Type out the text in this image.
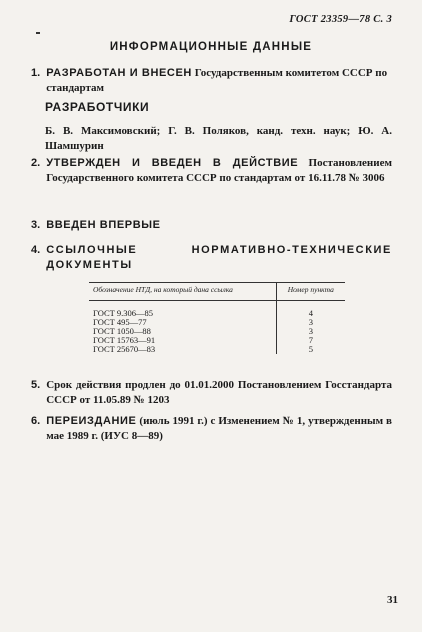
ГОСТ 23359—78 С. 3
ИНФОРМАЦИОННЫЕ ДАННЫЕ
1. РАЗРАБОТАН И ВНЕСЕН Государственным комитетом СССР по стандартам
РАЗРАБОТЧИКИ
Б. В. Максимовский; Г. В. Поляков, канд. техн. наук; Ю. А. Шамшурин
2. УТВЕРЖДЕН И ВВЕДЕН В ДЕЙСТВИЕ Постановлением Государственного комитета СССР по стандартам от 16.11.78 № 3006
3. ВВЕДЕН ВПЕРВЫЕ
4. ССЫЛОЧНЫЕ НОРМАТИВНО-ТЕХНИЧЕСКИЕ ДОКУМЕНТЫ
Обозначение НТД, на который дана ссылка	Номер пункта
ГОСТ 9.306—85	4
ГОСТ 495—77	3
ГОСТ 1050—88	3
ГОСТ 15763—91	7
ГОСТ 25670—83	5
5. Срок действия продлен до 01.01.2000 Постановлением Госстандарта СССР от 11.05.89 № 1203
6. ПЕРЕИЗДАНИЕ (июль 1991 г.) с Изменением № 1, утвержденным в мае 1989 г. (ИУС 8—89)
31
